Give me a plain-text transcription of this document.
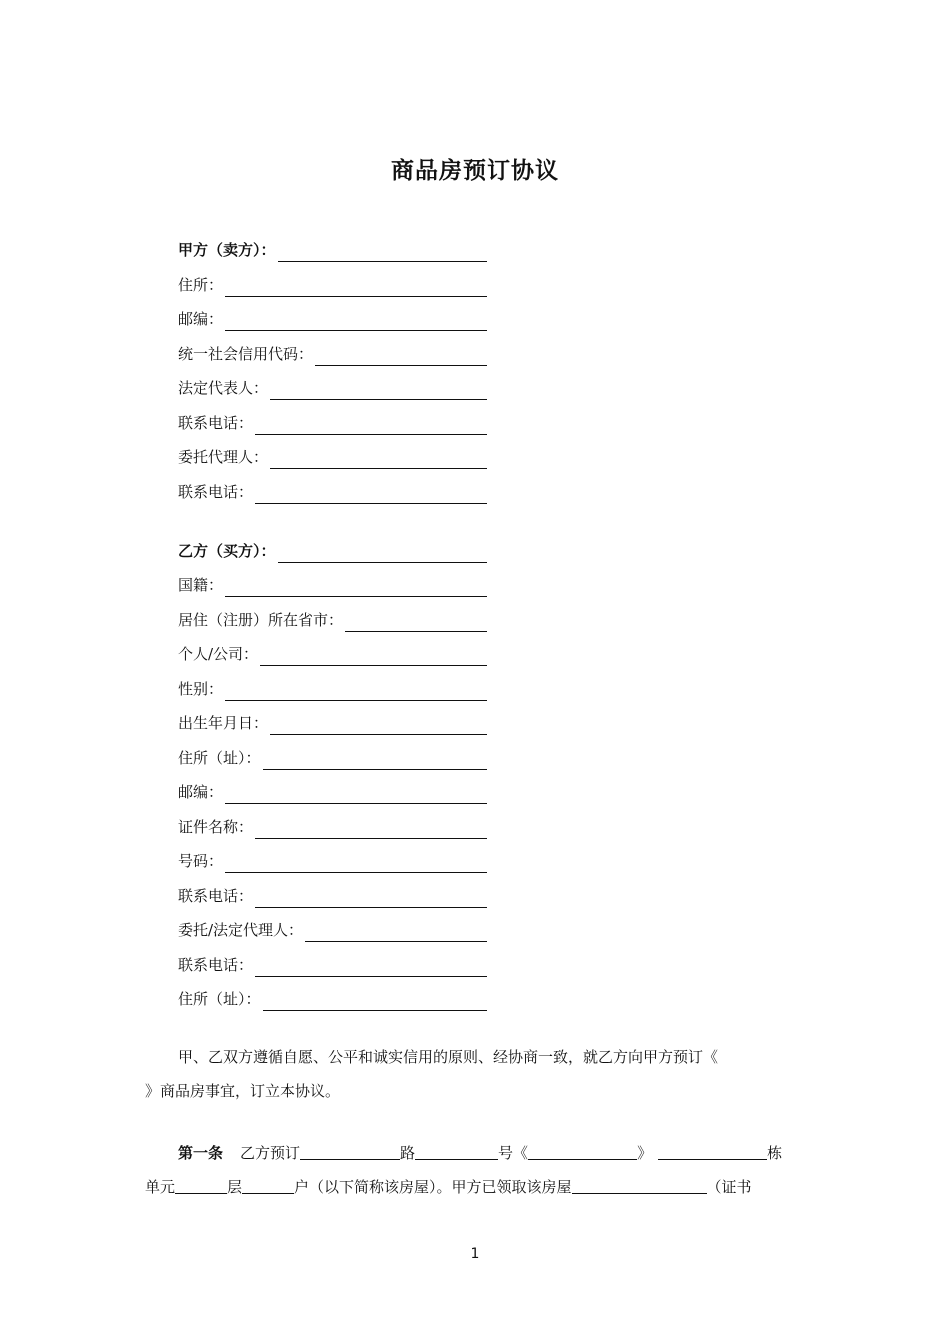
商品房预订协议
甲方（卖方）：
住所：
邮编：
统一社会信用代码：
法定代表人：
联系电话：
委托代理人：
联系电话：
乙方（买方）：
国籍：
居住（注册）所在省市：
个人/公司：
性别：
出生年月日：
住所（址）：
邮编：
证件名称：
号码：
联系电话：
委托/法定代理人：
联系电话：
住所（址）：
甲、乙双方遵循自愿、公平和诚实信用的原则、经协商一致，就乙方向甲方预订《
》商品房事宜，订立本协议。
第一条 乙方预订	路	号《	》	栋
单元	层	户（以下简称该房屋）。甲方已领取该房屋	（证书
1
